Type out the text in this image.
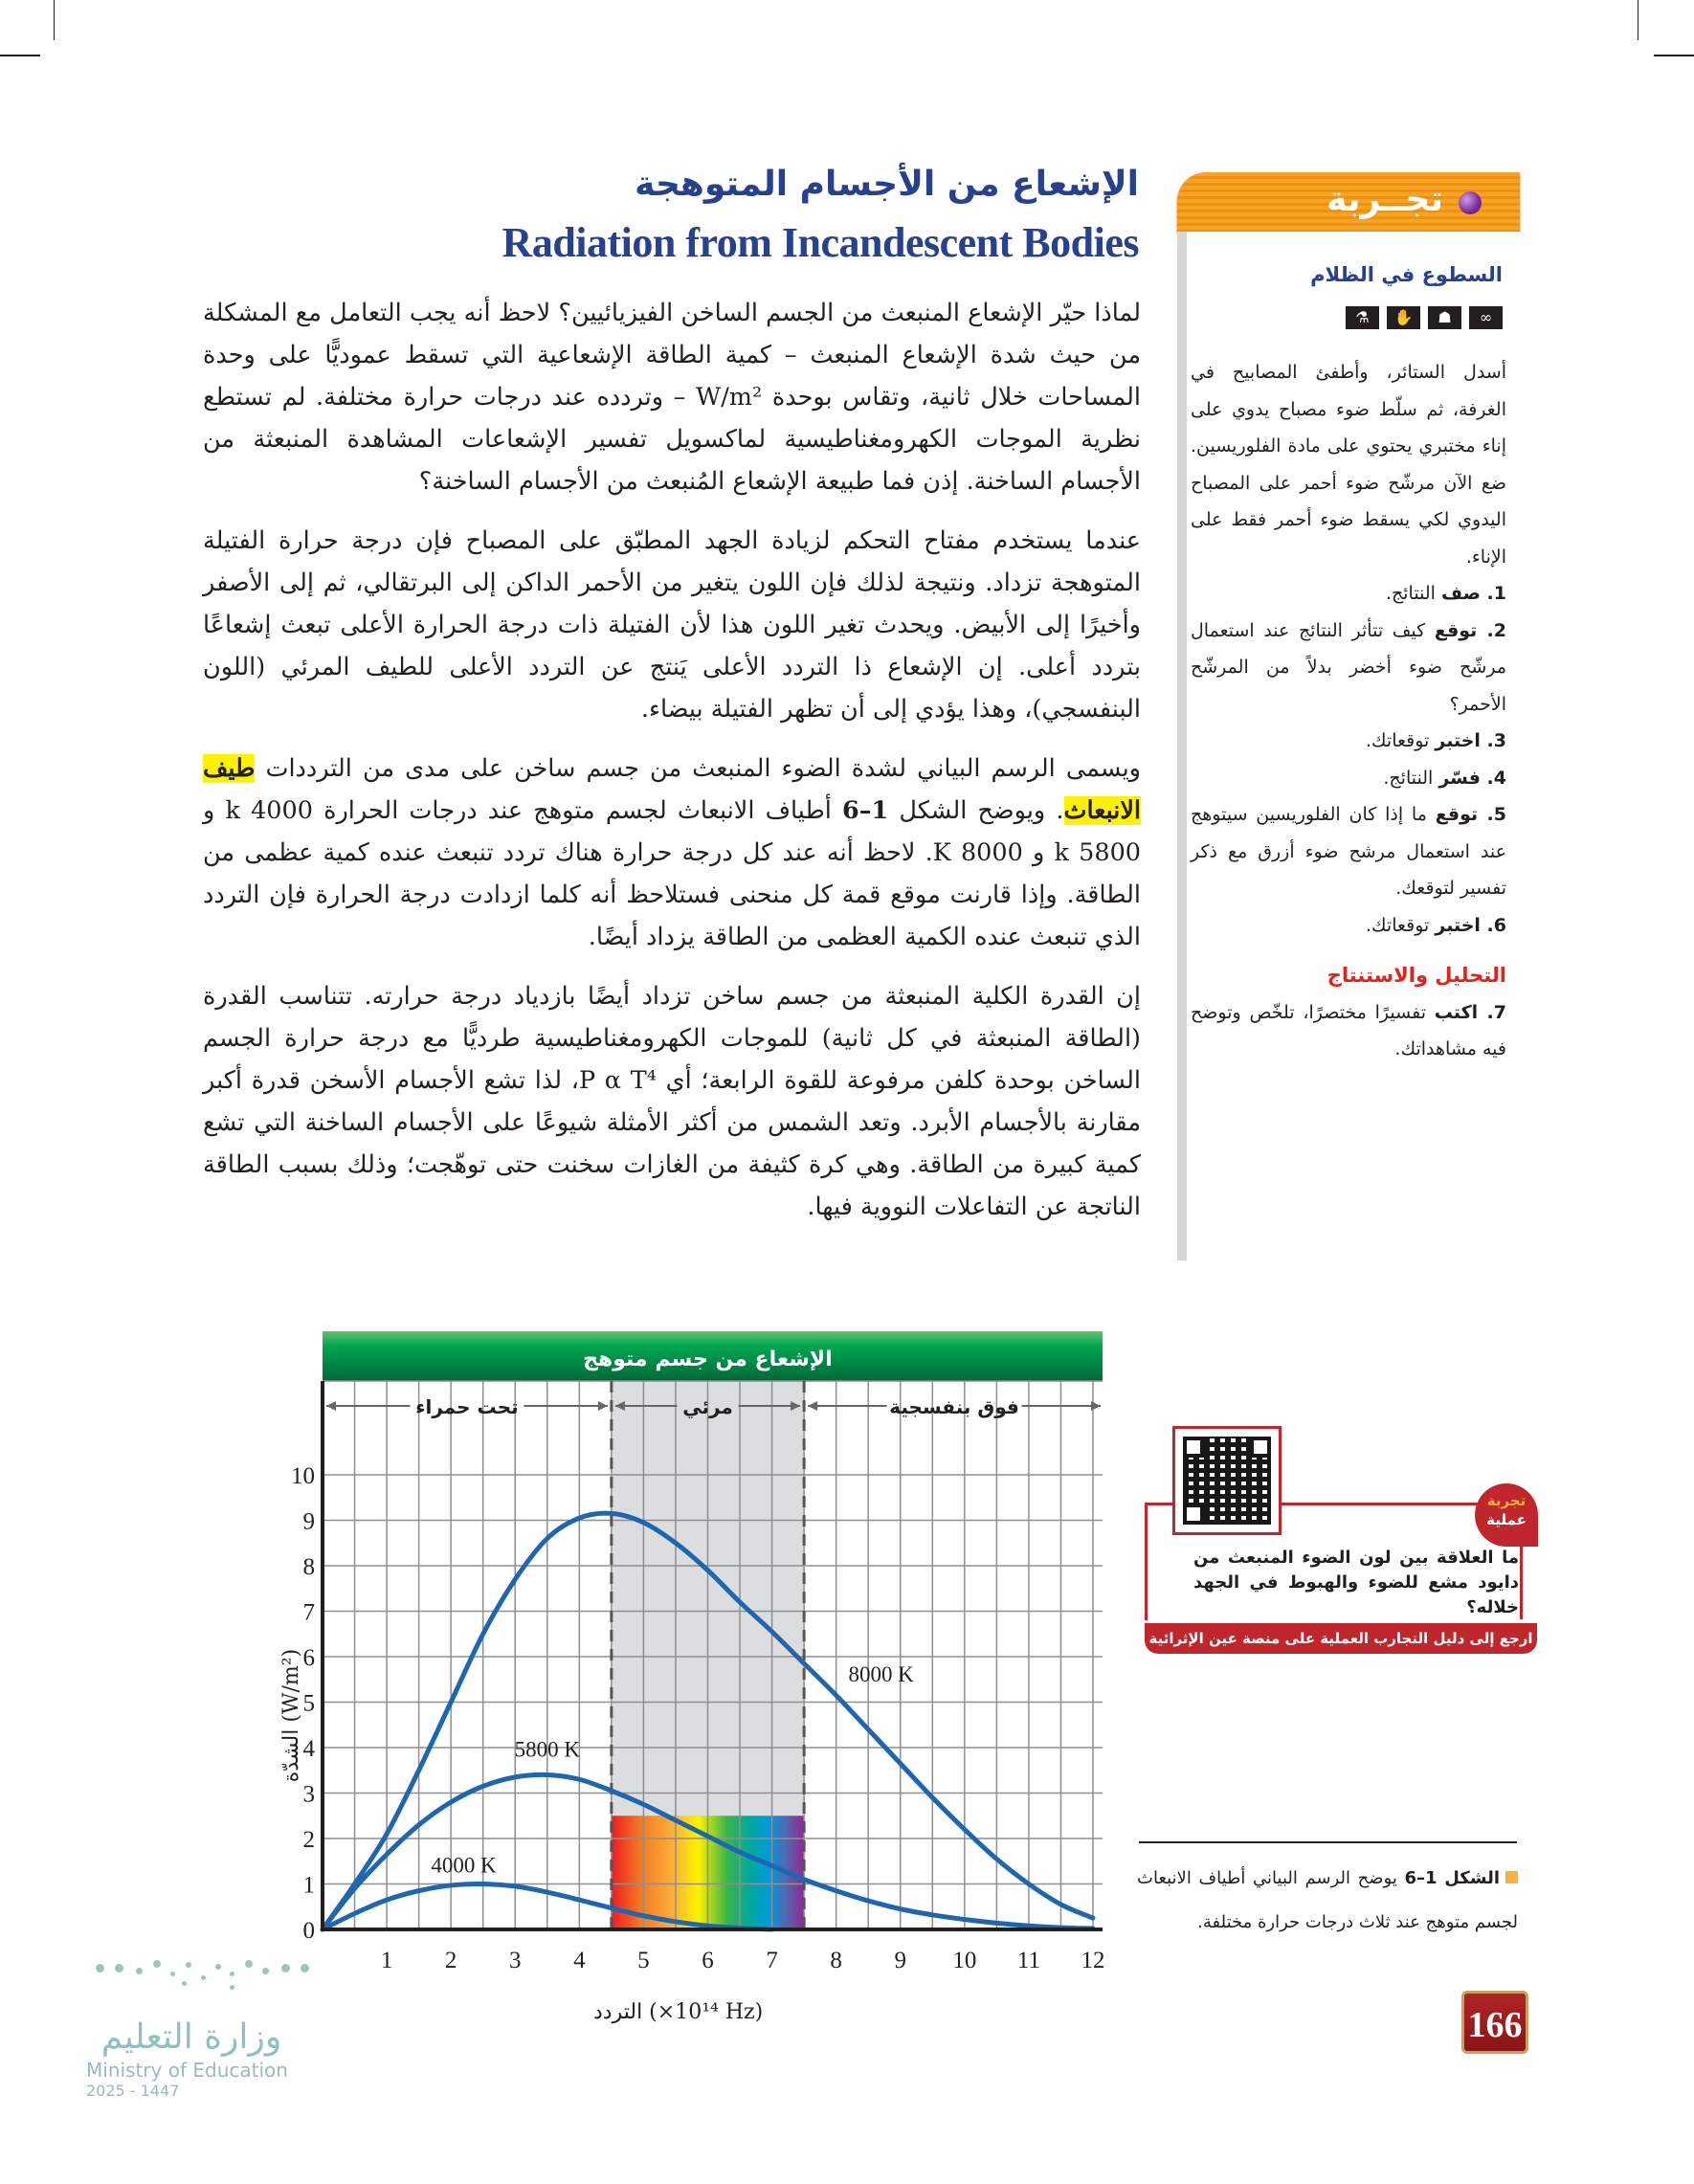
الإشعاع من الأجسام المتوهجة
Radiation from Incandescent Bodies

لماذا حيّر الإشعاع المنبعث من الجسم الساخن الفيزيائيين؟ لاحظ أنه يجب التعامل مع المشكلة من حيث شدة الإشعاع المنبعث – كمية الطاقة الإشعاعية التي تسقط عموديًّا على وحدة المساحات خلال ثانية، وتقاس بوحدة W/m² – وتردده عند درجات حرارة مختلفة. لم تستطع نظرية الموجات الكهرومغناطيسية لماكسويل تفسير الإشعاعات المشاهدة المنبعثة من الأجسام الساخنة. إذن فما طبيعة الإشعاع المُنبعث من الأجسام الساخنة؟

عندما يستخدم مفتاح التحكم لزيادة الجهد المطبّق على المصباح فإن درجة حرارة الفتيلة المتوهجة تزداد. ونتيجة لذلك فإن اللون يتغير من الأحمر الداكن إلى البرتقالي، ثم إلى الأصفر وأخيرًا إلى الأبيض. ويحدث تغير اللون هذا لأن الفتيلة ذات درجة الحرارة الأعلى تبعث إشعاعًا بتردد أعلى. إن الإشعاع ذا التردد الأعلى يَنتج عن التردد الأعلى للطيف المرئي (اللون البنفسجي)، وهذا يؤدي إلى أن تظهر الفتيلة بيضاء.

ويسمى الرسم البياني لشدة الضوء المنبعث من جسم ساخن على مدى من الترددات طيف الانبعاث. ويوضح الشكل 1–6 أطياف الانبعاث لجسم متوهج عند درجات الحرارة 4000 k و 5800 k و 8000 K. لاحظ أنه عند كل درجة حرارة هناك تردد تنبعث عنده كمية عظمى من الطاقة. وإذا قارنت موقع قمة كل منحنى فستلاحظ أنه كلما ازدادت درجة الحرارة فإن التردد الذي تنبعث عنده الكمية العظمى من الطاقة يزداد أيضًا.

إن القدرة الكلية المنبعثة من جسم ساخن تزداد أيضًا بازدياد درجة حرارته. تتناسب القدرة (الطاقة المنبعثة في كل ثانية) للموجات الكهرومغناطيسية طرديًّا مع درجة حرارة الجسم الساخن بوحدة كلفن مرفوعة للقوة الرابعة؛ أي P α T⁴، لذا تشع الأجسام الأسخن قدرة أكبر مقارنة بالأجسام الأبرد. وتعد الشمس من أكثر الأمثلة شيوعًا على الأجسام الساخنة التي تشع كمية كبيرة من الطاقة. وهي كرة كثيفة من الغازات سخنت حتى توهّجت؛ وذلك بسبب الطاقة الناتجة عن التفاعلات النووية فيها.

تجــربة
السطوع في الظلام
⚗	✋	☗	∞
أسدل الستائر، وأطفئ المصابيح في الغرفة، ثم سلّط ضوء مصباح يدوي على إناء مختبري يحتوي على مادة الفلوريسين. ضع الآن مرشّح ضوء أحمر على المصباح اليدوي لكي يسقط ضوء أحمر فقط على الإناء.
1. صف النتائج.
2. توقع كيف تتأثر النتائج عند استعمال مرشّح ضوء أخضر بدلاً من المرشّح الأحمر؟
3. اختبر توقعاتك.
4. فسّر النتائج.
5. توقع ما إذا كان الفلوريسين سيتوهج عند استعمال مرشح ضوء أزرق مع ذكر تفسير لتوقعك.
6. اختبر توقعاتك.
التحليل والاستنتاج
7. اكتب تفسيرًا مختصرًا، تلخّص وتوضح فيه مشاهداتك.
تجربة
عملية
ما العلاقة بين لون الضوء المنبعث من دايود مشع للضوء والهبوط في الجهد خلاله؟
ارجع إلى دليل التجارب العملية على منصة عين الإثرائية
تحت حمراء	مرئي	فوق بنفسجية
0
1
2
3
4
5
6
7
8
9
10
1 2 3 4 5 6 7 8 9 10 11 12
الإشعاع من جسم متوهج
4000 K
5800 K
8000 K
الشدّة (W/m²)
التردد (×10¹⁴ Hz)
الشكل 1–6 يوضح الرسم البياني أطياف الانبعاث لجسم متوهج عند ثلاث درجات حرارة مختلفة.
166
وزارة التعليم
Ministry of Education
2025 - 1447
